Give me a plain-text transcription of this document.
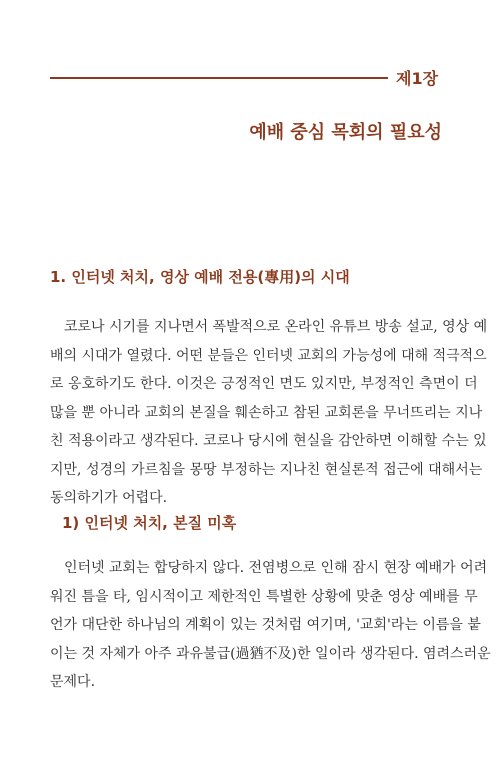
제1장
예배 중심 목회의 필요성
1. 인터넷 처치, 영상 예배 전용(專用)의 시대

　코로나 시기를 지나면서 폭발적으로 온라인 유튜브 방송 설교, 영상 예

배의 시대가 열렸다. 어떤 분들은 인터넷 교회의 가능성에 대해 적극적으

로 옹호하기도 한다. 이것은 긍정적인 면도 있지만, 부정적인 측면이 더

많을 뿐 아니라 교회의 본질을 훼손하고 참된 교회론을 무너뜨리는 지나

친 적용이라고 생각된다. 코로나 당시에 현실을 감안하면 이해할 수는 있

지만, 성경의 가르침을 몽땅 부정하는 지나친 현실론적 접근에 대해서는

동의하기가 어렵다.

1) 인터넷 처치, 본질 미혹

　인터넷 교회는 합당하지 않다. 전염병으로 인해 잠시 현장 예배가 어려

워진 틈을 타, 임시적이고 제한적인 특별한 상황에 맞춘 영상 예배를 무

언가 대단한 하나님의 계획이 있는 것처럼 여기며, '교회'라는 이름을 붙

이는 것 자체가 아주 과유불급(過猶不及)한 일이라 생각된다. 염려스러운

문제다.
